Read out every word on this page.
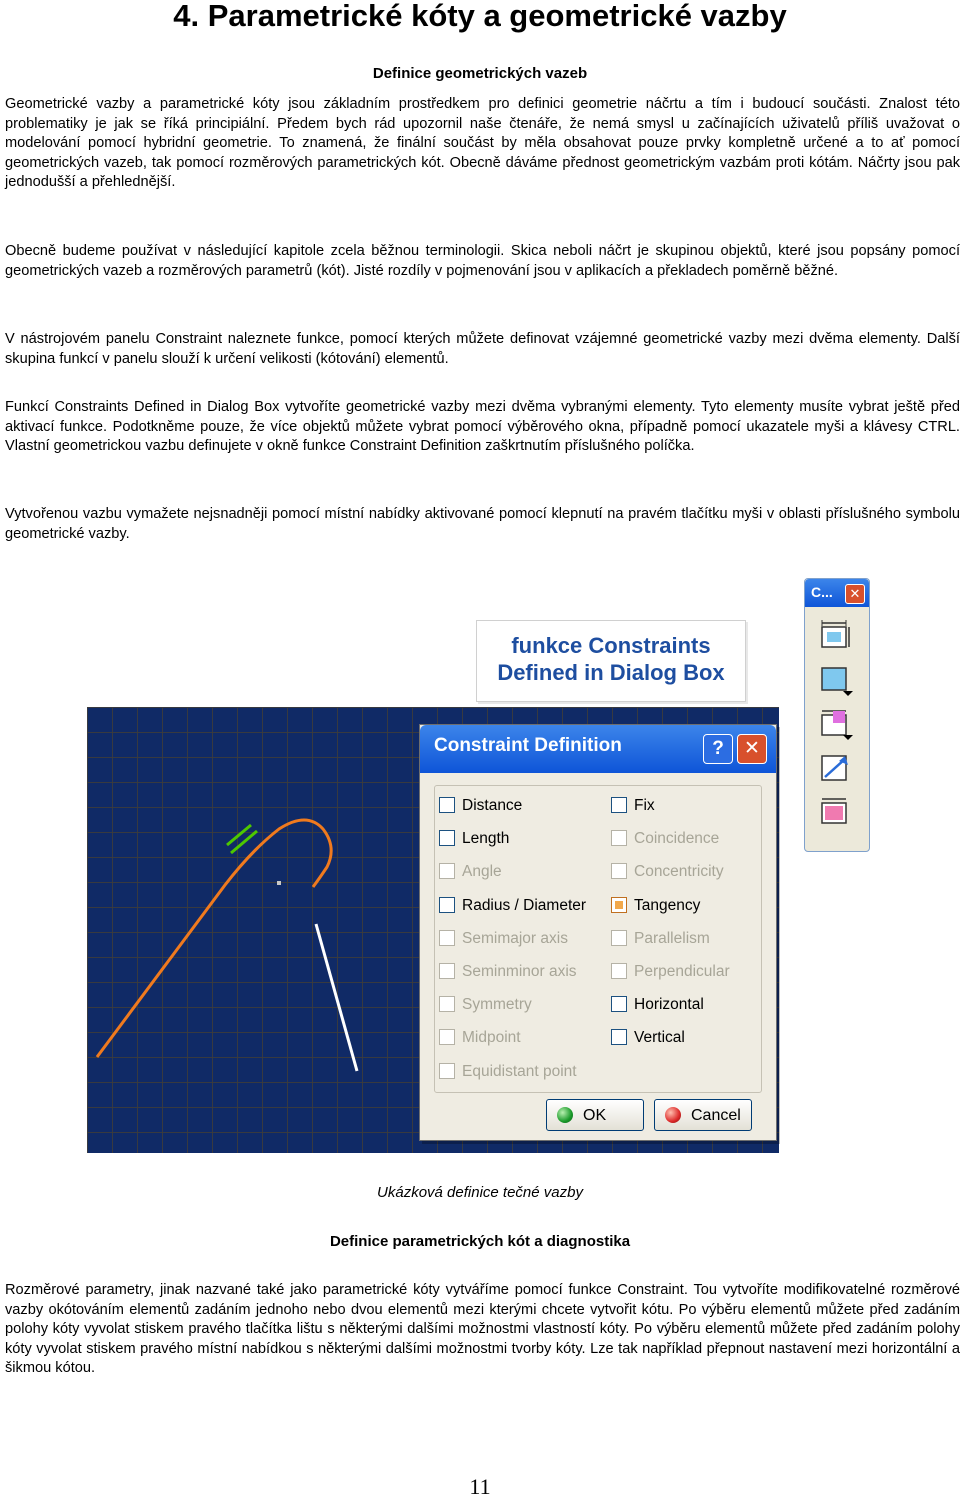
4. Parametrické kóty a geometrické vazby
Definice geometrických vazeb

Geometrické vazby a parametrické kóty jsou základním prostředkem pro definici geometrie náčrtu a tím i budoucí součásti. Znalost této problematiky je jak se říká principiální. Předem bych rád upozornil naše čtenáře, že nemá smysl u začínajících uživatelů příliš uvažovat o modelování pomocí hybridní geometrie. To znamená, že finální součást by měla obsahovat pouze prvky kompletně určené a to ať pomocí geometrických vazeb, tak pomocí rozměrových parametrických kót. Obecně dáváme přednost geometrickým vazbám proti kótám. Náčrty jsou pak jednodušší a přehlednější.

Obecně budeme používat v následující kapitole zcela běžnou terminologii. Skica neboli náčrt je skupinou objektů, které jsou popsány pomocí geometrických vazeb a rozměrových parametrů (kót). Jisté rozdíly v pojmenování jsou v aplikacích a překladech poměrně běžné.

V nástrojovém panelu Constraint naleznete funkce, pomocí kterých můžete definovat vzájemné geometrické vazby mezi dvěma elementy. Další skupina funkcí v panelu slouží k určení velikosti (kótování) elementů.

Funkcí Constraints Defined in Dialog Box vytvoříte geometrické vazby mezi dvěma vybranými elementy. Tyto elementy musíte vybrat ještě před aktivací funkce. Podotkněme pouze, že více objektů můžete vybrat pomocí výběrového okna, případně pomocí ukazatele myši a klávesy CTRL. Vlastní geometrickou vazbu definujete v okně funkce Constraint Definition zaškrtnutím příslušného políčka.

Vytvořenou vazbu vymažete nejsnadněji pomocí místní nabídky aktivované pomocí klepnutí na pravém tlačítku myši v oblasti příslušného symbolu geometrické vazby.

funkce Constraints
Defined in Dialog Box
Constraint Definition	?	✕
Distance
Length
Angle
Radius / Diameter
Semimajor axis
Seminminor axis
Symmetry
Midpoint
Equidistant point
Fix
Coincidence
Concentricity
Tangency
Parallelism
Perpendicular
Horizontal
Vertical
OK	Cancel
C...	✕
Ukázková definice tečné vazby
Definice parametrických kót a diagnostika

Rozměrové parametry, jinak nazvané také jako parametrické kóty vytváříme pomocí funkce Constraint. Tou vytvoříte modifikovatelné rozměrové vazby okótováním elementů zadáním jednoho nebo dvou elementů mezi kterými chcete vytvořit kótu. Po výběru elementů můžete před zadáním polohy kóty vyvolat stiskem pravého tlačítka lištu s některými dalšími možnostmi vlastností kóty. Po výběru elementů můžete před zadáním polohy kóty vyvolat stiskem pravého místní nabídkou s některými dalšími možnostmi tvorby kóty. Lze tak například přepnout nastavení mezi horizontální a šikmou kótou.

11
